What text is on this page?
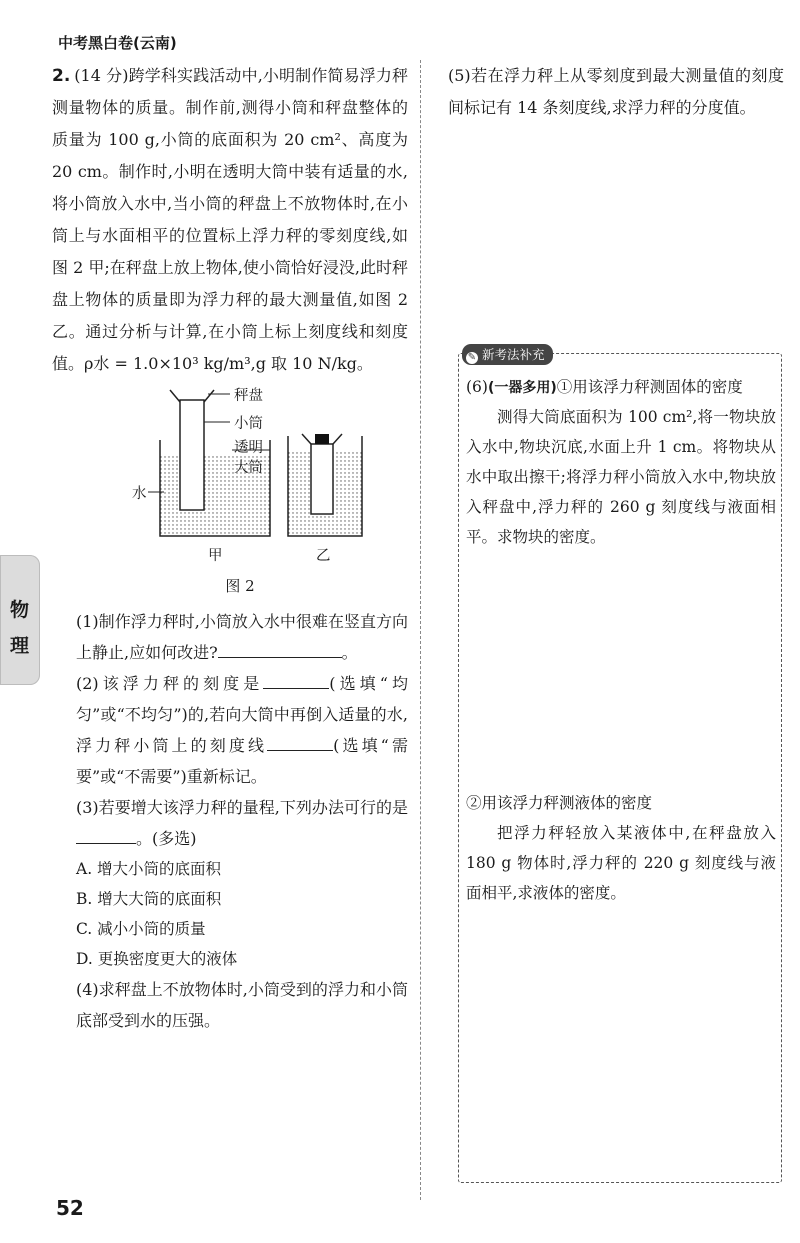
中考黑白卷(云南)
物
理

2. (14 分)跨学科实践活动中,小明制作简易浮力秤测量物体的质量。制作前,测得小筒和秤盘整体的质量为 100 g,小筒的底面积为 20 cm²、高度为 20 cm。制作时,小明在透明大筒中装有适量的水,将小筒放入水中,当小筒的秤盘上不放物体时,在小筒上与水面相平的位置标上浮力秤的零刻度线,如图 2 甲;在秤盘上放上物体,使小筒恰好浸没,此时秤盘上物体的质量即为浮力秤的最大测量值,如图 2 乙。通过分析与计算,在小筒上标上刻度线和刻度值。ρ水 = 1.0×10³ kg/m³,g 取 10 N/kg。

秤盘
小筒
透明
大筒
水
甲	乙

图 2

(1)制作浮力秤时,小筒放入水中很难在竖直方向上静止,应如何改进?	。

(2)该浮力秤的刻度是	(选填“均匀”或“不均匀”)的,若向大筒中再倒入适量的水,浮力秤小筒上的刻度线	(选填“需要”或“不需要”)重新标记。

(3)若要增大该浮力秤的量程,下列办法可行的是。(多选)

A. 增大小筒的底面积

B. 增大大筒的底面积

C. 减小小筒的质量

D. 更换密度更大的液体

(4)求秤盘上不放物体时,小筒受到的浮力和小筒底部受到水的压强。

(5)若在浮力秤上从零刻度到最大测量值的刻度间标记有 14 条刻度线,求浮力秤的分度值。

✎ 新考法补充

(6)(一器多用)①用该浮力秤测固体的密度

测得大筒底面积为 100 cm²,将一物块放入水中,物块沉底,水面上升 1 cm。将物块从水中取出擦干;将浮力秤小筒放入水中,物块放入秤盘中,浮力秤的 260 g 刻度线与液面相平。求物块的密度。

②用该浮力秤测液体的密度

把浮力秤轻放入某液体中,在秤盘放入 180 g 物体时,浮力秤的 220 g 刻度线与液面相平,求液体的密度。

52
